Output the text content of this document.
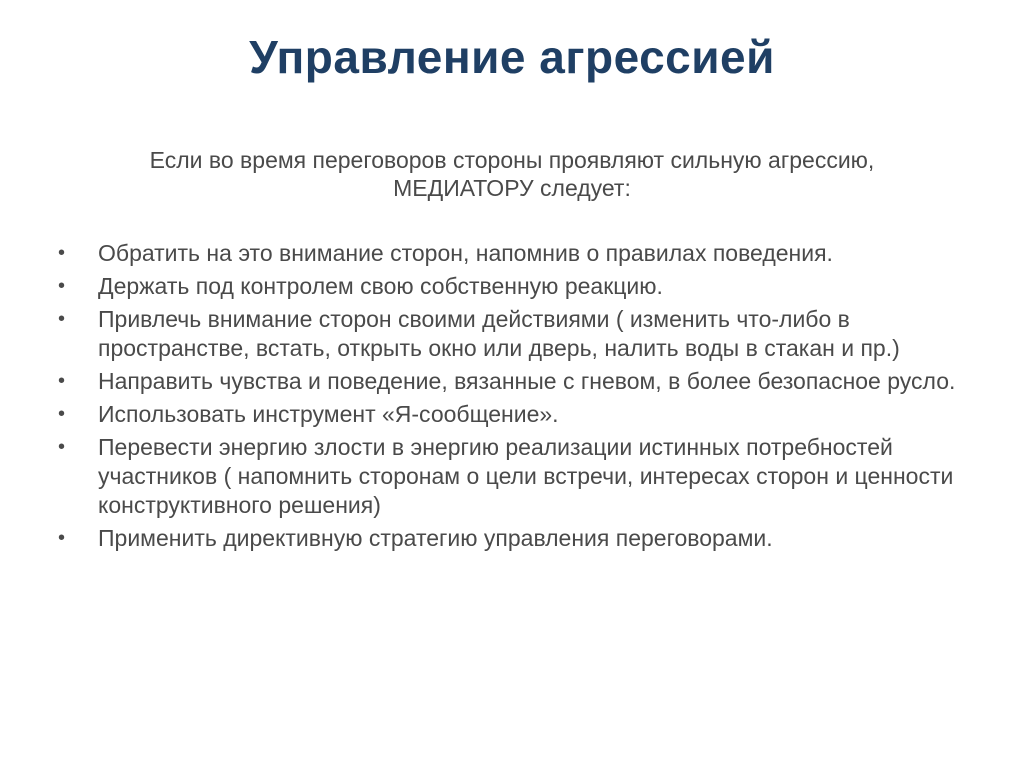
Управление агрессией
Если во время переговоров стороны проявляют сильную агрессию,
МЕДИАТОРУ следует:
•	Обратить на это внимание сторон, напомнив о правилах поведения.
•	Держать под контролем свою собственную реакцию.
•	Привлечь внимание сторон своими действиями ( изменить что-либо в пространстве, встать, открыть окно или дверь, налить воды в стакан и пр.)
•	Направить чувства и поведение, вязанные с гневом, в более безопасное русло.
•	Использовать инструмент «Я-сообщение».
•	Перевести энергию злости в энергию реализации истинных потребностей участников ( напомнить сторонам о цели встречи, интересах сторон и ценности конструктивного решения)
•	Применить директивную стратегию управления переговорами.
